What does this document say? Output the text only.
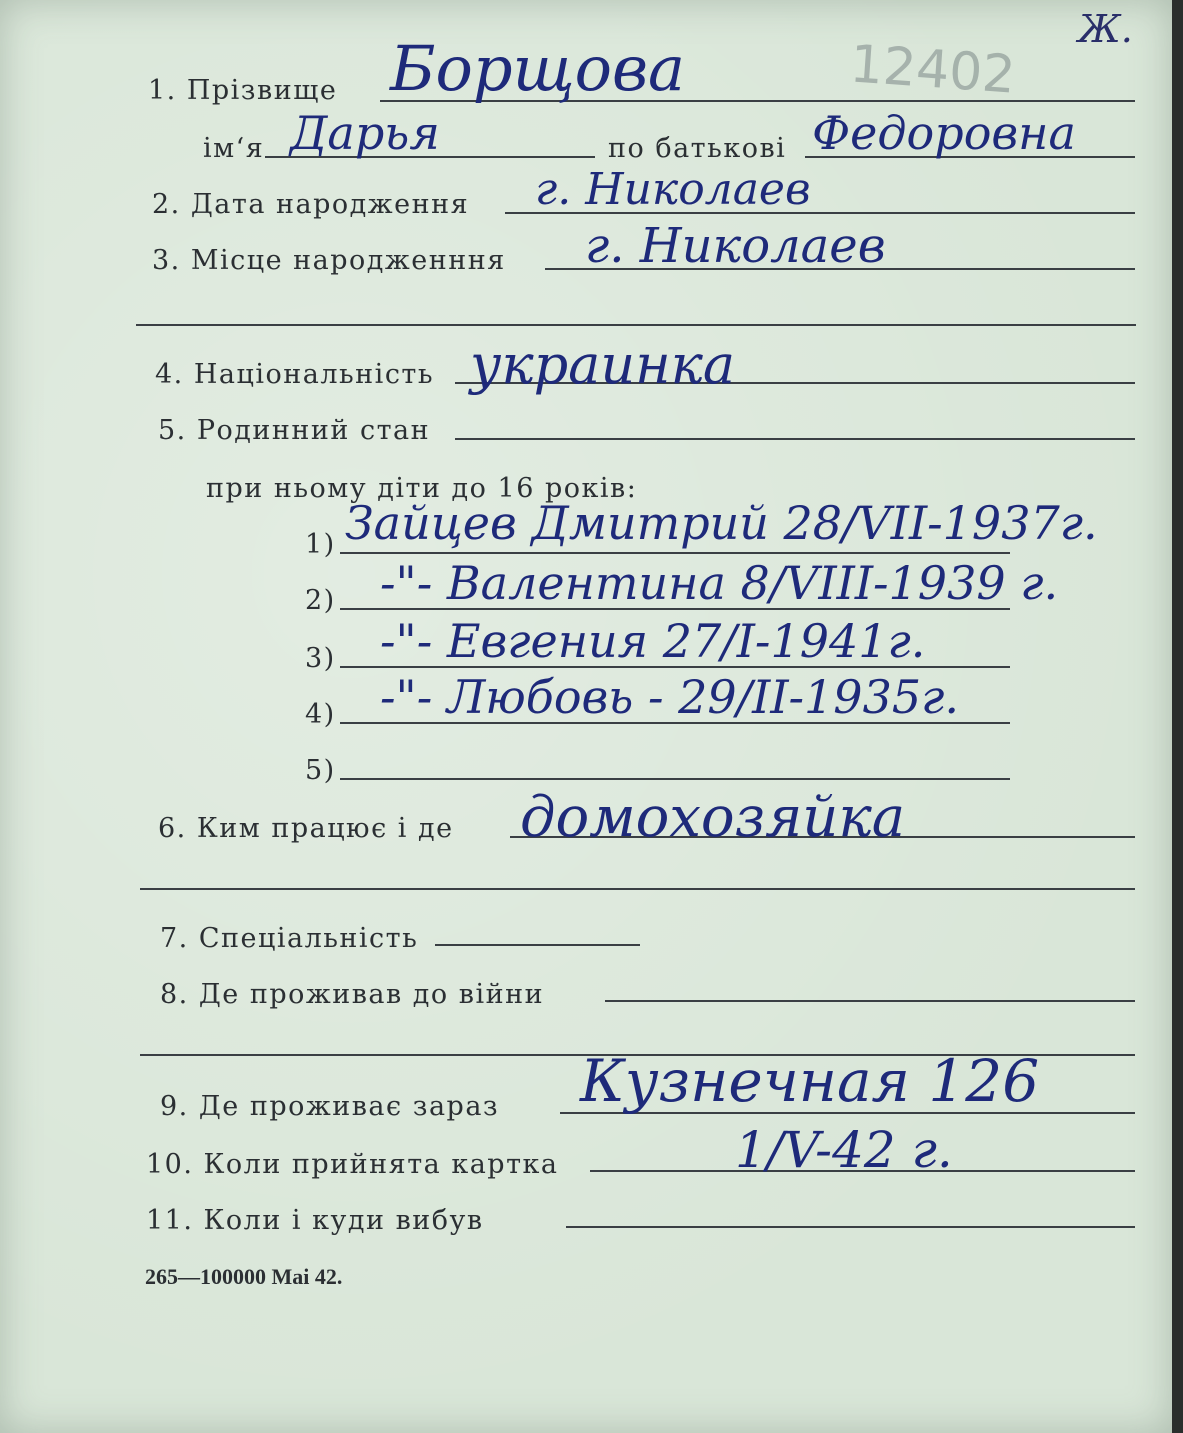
12402
Ж.
1. Прізвище Борщова
ім‘я Дарья	по батькові Федоровна
2. Дата народження г. Николаев
3. Місце народженння г. Николаев
4. Національність украинка
5. Родинний стан
при ньому діти до 16 років:
1) Зайцев Дмитрий 28/VII-1937г.
2) -"- Валентина 8/VIII-1939 г.
3) -"- Евгения 27/I-1941г.
4) -"- Любовь - 29/II-1935г.
5)
6. Ким працює і де домохозяйка
7. Спеціальність
8. Де проживав до війни
9. Де проживає зараз Кузнечная 126
10. Коли прийнята картка	1/V-42 г.
11. Коли і куди вибув
265—100000 Mai 42.
